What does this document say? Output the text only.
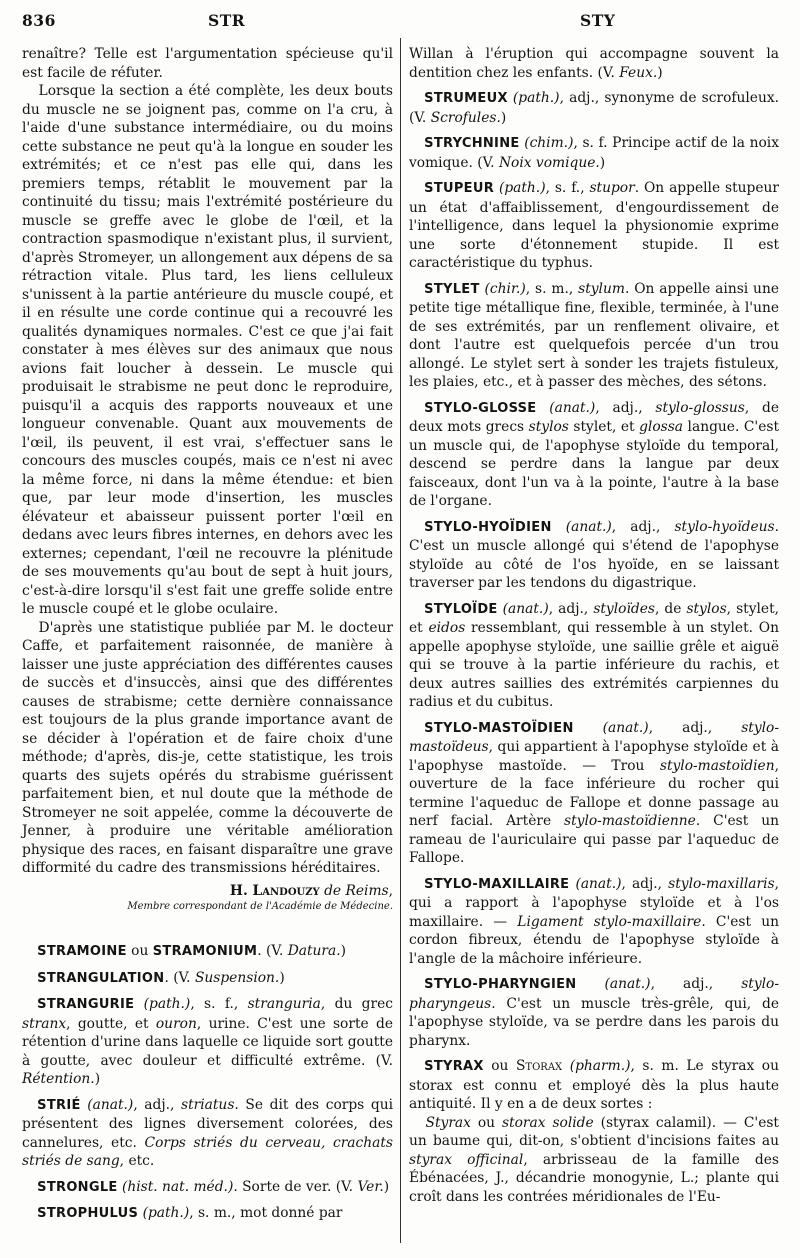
836	STR	STY

renaître? Telle est l'argumentation spécieuse qu'il est facile de réfuter.

Lorsque la section a été complète, les deux bouts du muscle ne se joignent pas, comme on l'a cru, à l'aide d'une substance intermédiaire, ou du moins cette substance ne peut qu'à la longue en souder les extrémités; et ce n'est pas elle qui, dans les premiers temps, rétablit le mouvement par la continuité du tissu; mais l'extrémité postérieure du muscle se greffe avec le globe de l'œil, et la contraction spasmodique n'existant plus, il survient, d'après Stromeyer, un allongement aux dépens de sa rétraction vitale. Plus tard, les liens celluleux s'unissent à la partie antérieure du muscle coupé, et il en résulte une corde continue qui a recouvré les qualités dynamiques normales. C'est ce que j'ai fait constater à mes élèves sur des animaux que nous avions fait loucher à dessein. Le muscle qui produisait le strabisme ne peut donc le reproduire, puisqu'il a acquis des rapports nouveaux et une longueur convenable. Quant aux mouvements de l'œil, ils peuvent, il est vrai, s'effectuer sans le concours des muscles coupés, mais ce n'est ni avec la même force, ni dans la même étendue: et bien que, par leur mode d'insertion, les muscles élévateur et abaisseur puissent porter l'œil en dedans avec leurs fibres internes, en dehors avec les externes; cependant, l'œil ne recouvre la plénitude de ses mouvements qu'au bout de sept à huit jours, c'est-à-dire lorsqu'il s'est fait une greffe solide entre le muscle coupé et le globe oculaire.

D'après une statistique publiée par M. le docteur Caffe, et parfaitement raisonnée, de manière à laisser une juste appréciation des différentes causes de succès et d'insuccès, ainsi que des différentes causes de strabisme; cette dernière connaissance est toujours de la plus grande importance avant de se décider à l'opération et de faire choix d'une méthode; d'après, dis-je, cette statistique, les trois quarts des sujets opérés du strabisme guérissent parfaitement bien, et nul doute que la méthode de Stromeyer ne soit appelée, comme la découverte de Jenner, à produire une véritable amélioration physique des races, en faisant disparaître une grave difformité du cadre des transmissions héréditaires.

H. Landouzy de Reims,
Membre correspondant de l'Académie de Médecine.

STRAMOINE ou STRAMONIUM. (V. Datura.)

STRANGULATION. (V. Suspension.)

STRANGURIE (path.), s. f., stranguria, du grec stranx, goutte, et ouron, urine. C'est une sorte de rétention d'urine dans laquelle ce liquide sort goutte à goutte, avec douleur et difficulté extrême. (V. Rétention.)

STRIÉ (anat.), adj., striatus. Se dit des corps qui présentent des lignes diversement colorées, des cannelures, etc. Corps striés du cerveau, crachats striés de sang, etc.

STRONGLE (hist. nat. méd.). Sorte de ver. (V. Ver.)

STROPHULUS (path.), s. m., mot donné par

Willan à l'éruption qui accompagne souvent la dentition chez les enfants. (V. Feux.)

STRUMEUX (path.), adj., synonyme de scrofuleux. (V. Scrofules.)

STRYCHNINE (chim.), s. f. Principe actif de la noix vomique. (V. Noix vomique.)

STUPEUR (path.), s. f., stupor. On appelle stupeur un état d'affaiblissement, d'engourdissement de l'intelligence, dans lequel la physionomie exprime une sorte d'étonnement stupide. Il est caractéristique du typhus.

STYLET (chir.), s. m., stylum. On appelle ainsi une petite tige métallique fine, flexible, terminée, à l'une de ses extrémités, par un renflement olivaire, et dont l'autre est quelquefois percée d'un trou allongé. Le stylet sert à sonder les trajets fistuleux, les plaies, etc., et à passer des mèches, des sétons.

STYLO-GLOSSE (anat.), adj., stylo-glossus, de deux mots grecs stylos stylet, et glossa langue. C'est un muscle qui, de l'apophyse styloïde du temporal, descend se perdre dans la langue par deux faisceaux, dont l'un va à la pointe, l'autre à la base de l'organe.

STYLO-HYOÏDIEN (anat.), adj., stylo-hyoïdeus. C'est un muscle allongé qui s'étend de l'apophyse styloïde au côté de l'os hyoïde, en se laissant traverser par les tendons du digastrique.

STYLOÏDE (anat.), adj., styloïdes, de stylos, stylet, et eidos ressemblant, qui ressemble à un stylet. On appelle apophyse styloïde, une saillie grêle et aiguë qui se trouve à la partie inférieure du rachis, et deux autres saillies des extrémités carpiennes du radius et du cubitus.

STYLO-MASTOÏDIEN (anat.), adj., stylo-mastoïdeus, qui appartient à l'apophyse styloïde et à l'apophyse mastoïde. — Trou stylo-mastoïdien, ouverture de la face inférieure du rocher qui termine l'aqueduc de Fallope et donne passage au nerf facial. Artère stylo-mastoïdienne. C'est un rameau de l'auriculaire qui passe par l'aqueduc de Fallope.

STYLO-MAXILLAIRE (anat.), adj., stylo-maxillaris, qui a rapport à l'apophyse styloïde et à l'os maxillaire. — Ligament stylo-maxillaire. C'est un cordon fibreux, étendu de l'apophyse styloïde à l'angle de la mâchoire inférieure.

STYLO-PHARYNGIEN (anat.), adj., stylo-pharyngeus. C'est un muscle très-grêle, qui, de l'apophyse styloïde, va se perdre dans les parois du pharynx.

STYRAX ou Storax (pharm.), s. m. Le styrax ou storax est connu et employé dès la plus haute antiquité. Il y en a de deux sortes :

Styrax ou storax solide (styrax calamil). — C'est un baume qui, dit-on, s'obtient d'incisions faites au styrax officinal, arbrisseau de la famille des Ébénacées, J., décandrie monogynie, L.; plante qui croît dans les contrées méridionales de l'Eu-
